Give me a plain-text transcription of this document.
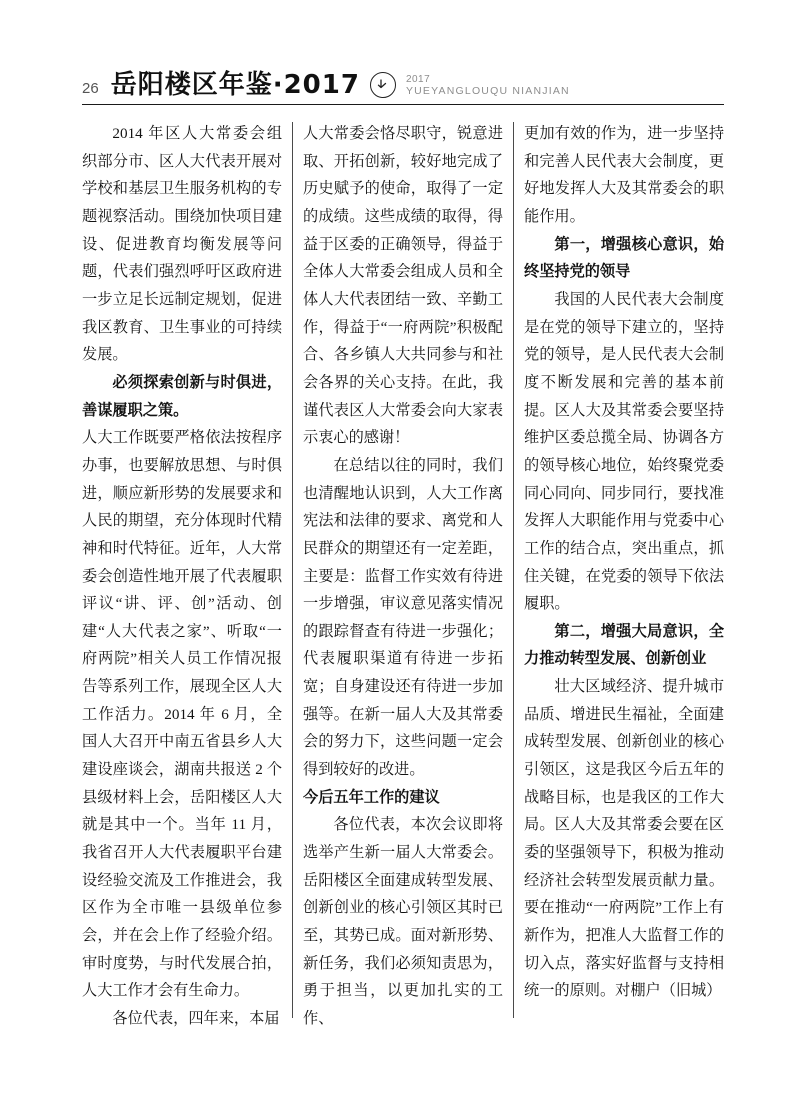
26 岳阳楼区年鉴·2017	2017
YUEYANGLOUQU NIANJIAN

2014 年区人大常委会组织部分市、区人大代表开展对学校和基层卫生服务机构的专题视察活动。围绕加快项目建设、促进教育均衡发展等问题，代表们强烈呼吁区政府进一步立足长远制定规划，促进我区教育、卫生事业的可持续发展。

必须探索创新与时俱进，善谋履职之策。

人大工作既要严格依法按程序办事，也要解放思想、与时俱进，顺应新形势的发展要求和人民的期望，充分体现时代精神和时代特征。近年，人大常委会创造性地开展了代表履职评议“讲、评、创”活动、创建“人大代表之家”、听取“一府两院”相关人员工作情况报告等系列工作，展现全区人大工作活力。2014 年 6 月，全国人大召开中南五省县乡人大建设座谈会，湖南共报送 2 个县级材料上会，岳阳楼区人大就是其中一个。当年 11 月，我省召开人大代表履职平台建设经验交流及工作推进会，我区作为全市唯一县级单位参会，并在会上作了经验介绍。审时度势，与时代发展合拍，人大工作才会有生命力。

各位代表，四年来，本届

人大常委会恪尽职守，锐意进取、开拓创新，较好地完成了历史赋予的使命，取得了一定的成绩。这些成绩的取得，得益于区委的正确领导，得益于全体人大常委会组成人员和全体人大代表团结一致、辛勤工作，得益于“一府两院”积极配合、各乡镇人大共同参与和社会各界的关心支持。在此，我谨代表区人大常委会向大家表示衷心的感谢！

在总结以往的同时，我们也清醒地认识到，人大工作离宪法和法律的要求、离党和人民群众的期望还有一定差距，主要是：监督工作实效有待进一步增强，审议意见落实情况的跟踪督查有待进一步强化；代表履职渠道有待进一步拓宽；自身建设还有待进一步加强等。在新一届人大及其常委会的努力下，这些问题一定会得到较好的改进。

今后五年工作的建议

各位代表，本次会议即将选举产生新一届人大常委会。岳阳楼区全面建成转型发展、创新创业的核心引领区其时已至，其势已成。面对新形势、新任务，我们必须知责思为，勇于担当，以更加扎实的工作、

更加有效的作为，进一步坚持和完善人民代表大会制度，更好地发挥人大及其常委会的职能作用。

第一，增强核心意识，始终坚持党的领导

我国的人民代表大会制度是在党的领导下建立的，坚持党的领导，是人民代表大会制度不断发展和完善的基本前提。区人大及其常委会要坚持维护区委总揽全局、协调各方的领导核心地位，始终聚党委同心同向、同步同行，要找准发挥人大职能作用与党委中心工作的结合点，突出重点，抓住关键，在党委的领导下依法履职。

第二，增强大局意识，全力推动转型发展、创新创业

壮大区域经济、提升城市品质、增进民生福祉，全面建成转型发展、创新创业的核心引领区，这是我区今后五年的战略目标，也是我区的工作大局。区人大及其常委会要在区委的坚强领导下，积极为推动经济社会转型发展贡献力量。要在推动“一府两院”工作上有新作为，把准人大监督工作的切入点，落实好监督与支持相统一的原则。对棚户（旧城）
